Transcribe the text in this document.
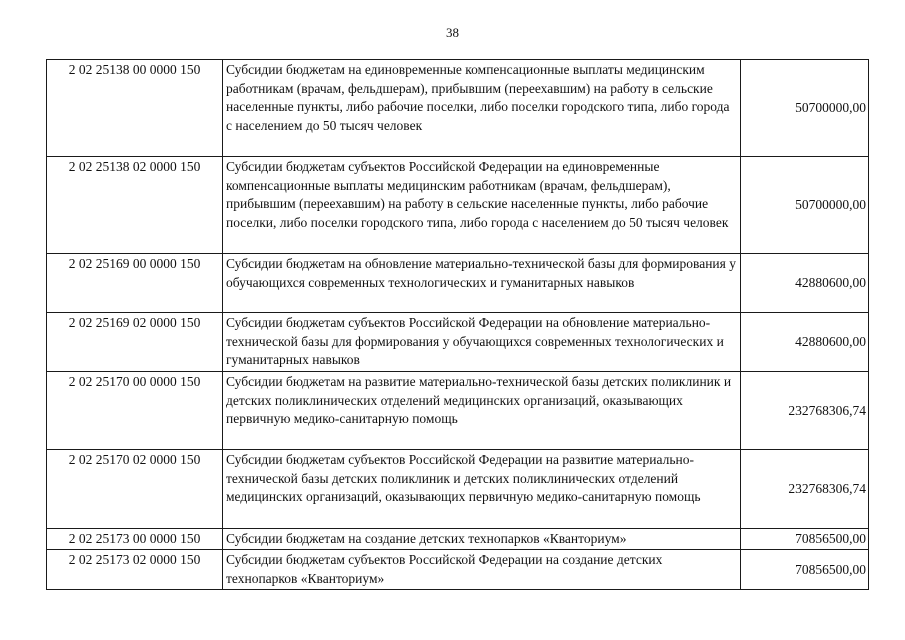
38
2 02 25138 00 0000 150	Субсидии бюджетам на единовременные компенсационные выплаты медицинским работникам (врачам, фельдшерам), прибывшим (переехавшим) на работу в сельские населенные пункты, либо рабочие поселки, либо поселки городского типа, либо города с населением до 50 тысяч человек	50700000,00
2 02 25138 02 0000 150	Субсидии бюджетам субъектов Российской Федерации на единовременные компенсационные выплаты медицинским работникам (врачам, фельдшерам), прибывшим (переехавшим) на работу в сельские населенные пункты, либо рабочие поселки, либо поселки городского типа, либо города с населением до 50 тысяч человек	50700000,00
2 02 25169 00 0000 150	Субсидии бюджетам на обновление материально-технической базы для формирования у обучающихся современных технологических и гуманитарных навыков	42880600,00
2 02 25169 02 0000 150	Субсидии бюджетам субъектов Российской Федерации на обновление материально-технической базы для формирования у обучающихся современных технологических и гуманитарных навыков	42880600,00
2 02 25170 00 0000 150	Субсидии бюджетам на развитие материально-технической базы детских поликлиник и детских поликлинических отделений медицинских организаций, оказывающих первичную медико-санитарную помощь	232768306,74
2 02 25170 02 0000 150	Субсидии бюджетам субъектов Российской Федерации на развитие материально-технической базы детских поликлиник и детских поликлинических отделений медицинских организаций, оказывающих первичную медико-санитарную помощь	232768306,74
2 02 25173 00 0000 150	Субсидии бюджетам на создание детских технопарков «Кванториум»	70856500,00
2 02 25173 02 0000 150	Субсидии бюджетам субъектов Российской Федерации на создание детских технопарков «Кванториум»	70856500,00
